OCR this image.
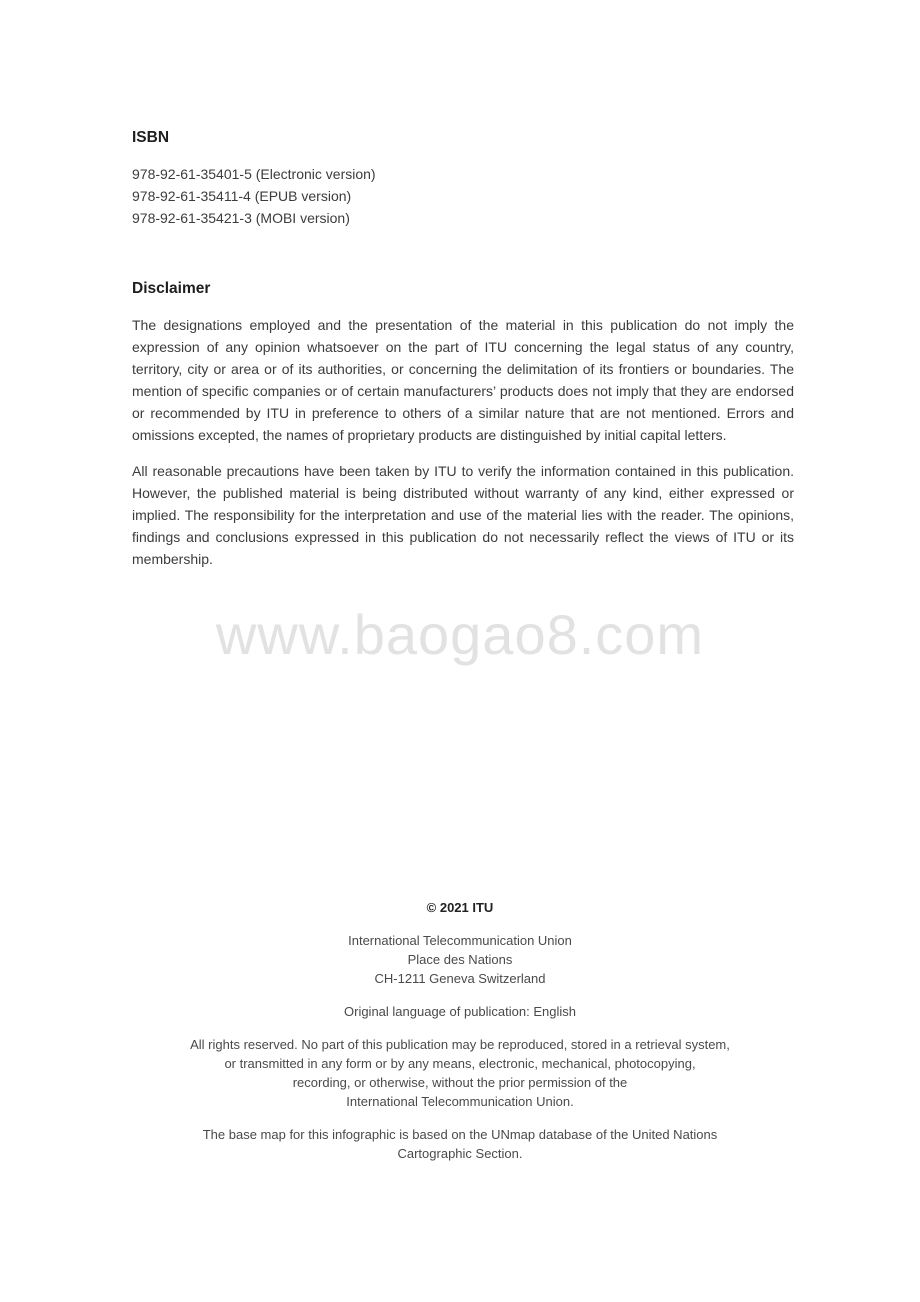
ISBN
978-92-61-35401-5 (Electronic version)
978-92-61-35411-4 (EPUB version)
978-92-61-35421-3 (MOBI version)
Disclaimer

The designations employed and the presentation of the material in this publication do not imply the expression of any opinion whatsoever on the part of ITU concerning the legal status of any country, territory, city or area or of its authorities, or concerning the delimitation of its frontiers or boundaries. The mention of specific companies or of certain manufacturers’ products does not imply that they are endorsed or recommended by ITU in preference to others of a similar nature that are not mentioned. Errors and omissions excepted, the names of proprietary products are distinguished by initial capital letters.

All reasonable precautions have been taken by ITU to verify the information contained in this publication. However, the published material is being distributed without warranty of any kind, either expressed or implied. The responsibility for the interpretation and use of the material lies with the reader. The opinions, findings and conclusions expressed in this publication do not necessarily reflect the views of ITU or its membership.

www.baogao8.com

© 2021 ITU

International Telecommunication Union

Place des Nations

CH-1211 Geneva Switzerland

Original language of publication: English

All rights reserved. No part of this publication may be reproduced, stored in a retrieval system,

or transmitted in any form or by any means, electronic, mechanical, photocopying,

recording, or otherwise, without the prior permission of the

International Telecommunication Union.

The base map for this infographic is based on the UNmap database of the United Nations

Cartographic Section.
